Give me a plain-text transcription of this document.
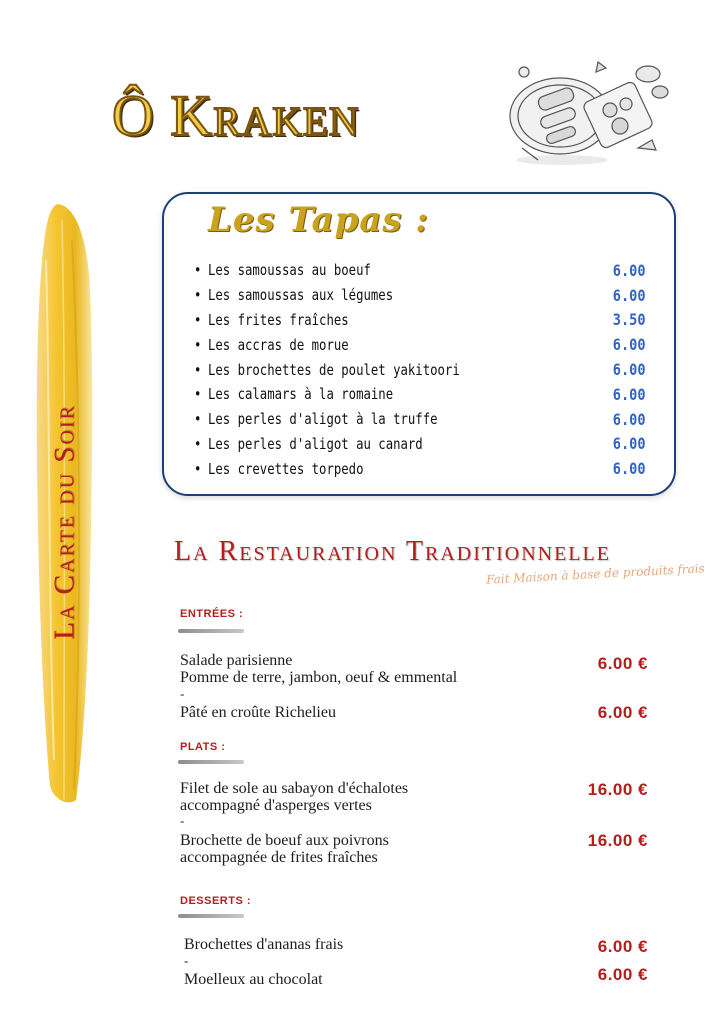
Ô Kraken
La Carte du Soir
Les Tapas :
• Les samoussas au boeuf	6.00
• Les samoussas aux légumes	6.00
• Les frites fraîches	3.50
• Les accras de morue	6.00
• Les brochettes de poulet yakitoori	6.00
• Les calamars à la romaine	6.00
• Les perles d'aligot à la truffe	6.00
• Les perles d'aligot au canard	6.00
• Les crevettes torpedo	6.00
La Restauration Traditionnelle
Fait Maison à base de produits frais
ENTRÉES :
Salade parisienne
Pomme de terre, jambon, oeuf & emmental
6.00 €
-
Pâté en croûte Richelieu	6.00 €
PLATS :
Filet de sole au sabayon d'échalotes
accompagné d'asperges vertes
16.00 €
-
Brochette de boeuf aux poivrons
accompagnée de frites fraîches
16.00 €
DESSERTS :
Brochettes d'ananas frais	6.00 €
-
Moelleux au chocolat	6.00 €
